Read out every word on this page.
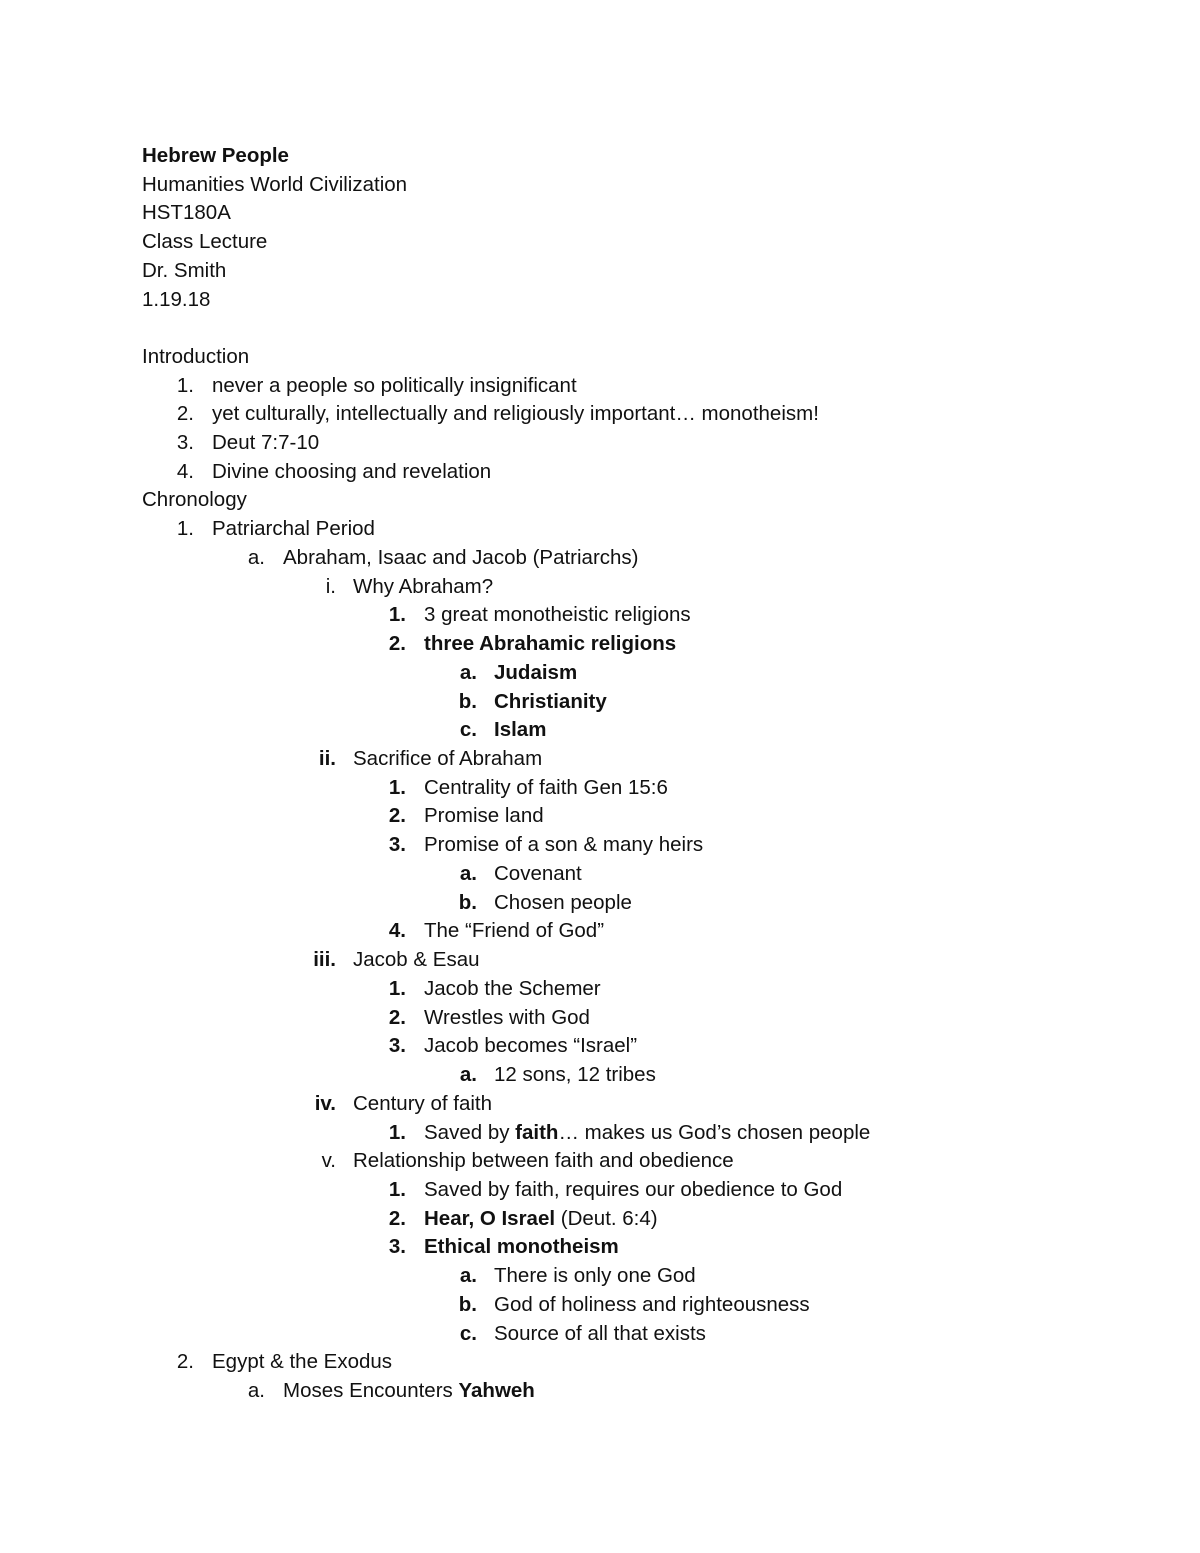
Hebrew People
Humanities World Civilization
HST180A
Class Lecture
Dr. Smith
1.19.18
Introduction
1. never a people so politically insignificant
2. yet culturally, intellectually and religiously important… monotheism!
3. Deut 7:7-10
4. Divine choosing and revelation
Chronology
1. Patriarchal Period
a. Abraham, Isaac and Jacob (Patriarchs)
i. Why Abraham?
1. 3 great monotheistic religions
2. three Abrahamic religions
a. Judaism
b. Christianity
c. Islam
ii. Sacrifice of Abraham
1. Centrality of faith Gen 15:6
2. Promise land
3. Promise of a son & many heirs
a. Covenant
b. Chosen people
4. The “Friend of God”
iii. Jacob & Esau
1. Jacob the Schemer
2. Wrestles with God
3. Jacob becomes “Israel”
a. 12 sons, 12 tribes
iv. Century of faith
1. Saved by faith… makes us God’s chosen people
v. Relationship between faith and obedience
1. Saved by faith, requires our obedience to God
2. Hear, O Israel (Deut. 6:4)
3. Ethical monotheism
a. There is only one God
b. God of holiness and righteousness
c. Source of all that exists
2. Egypt & the Exodus
a. Moses Encounters Yahweh
